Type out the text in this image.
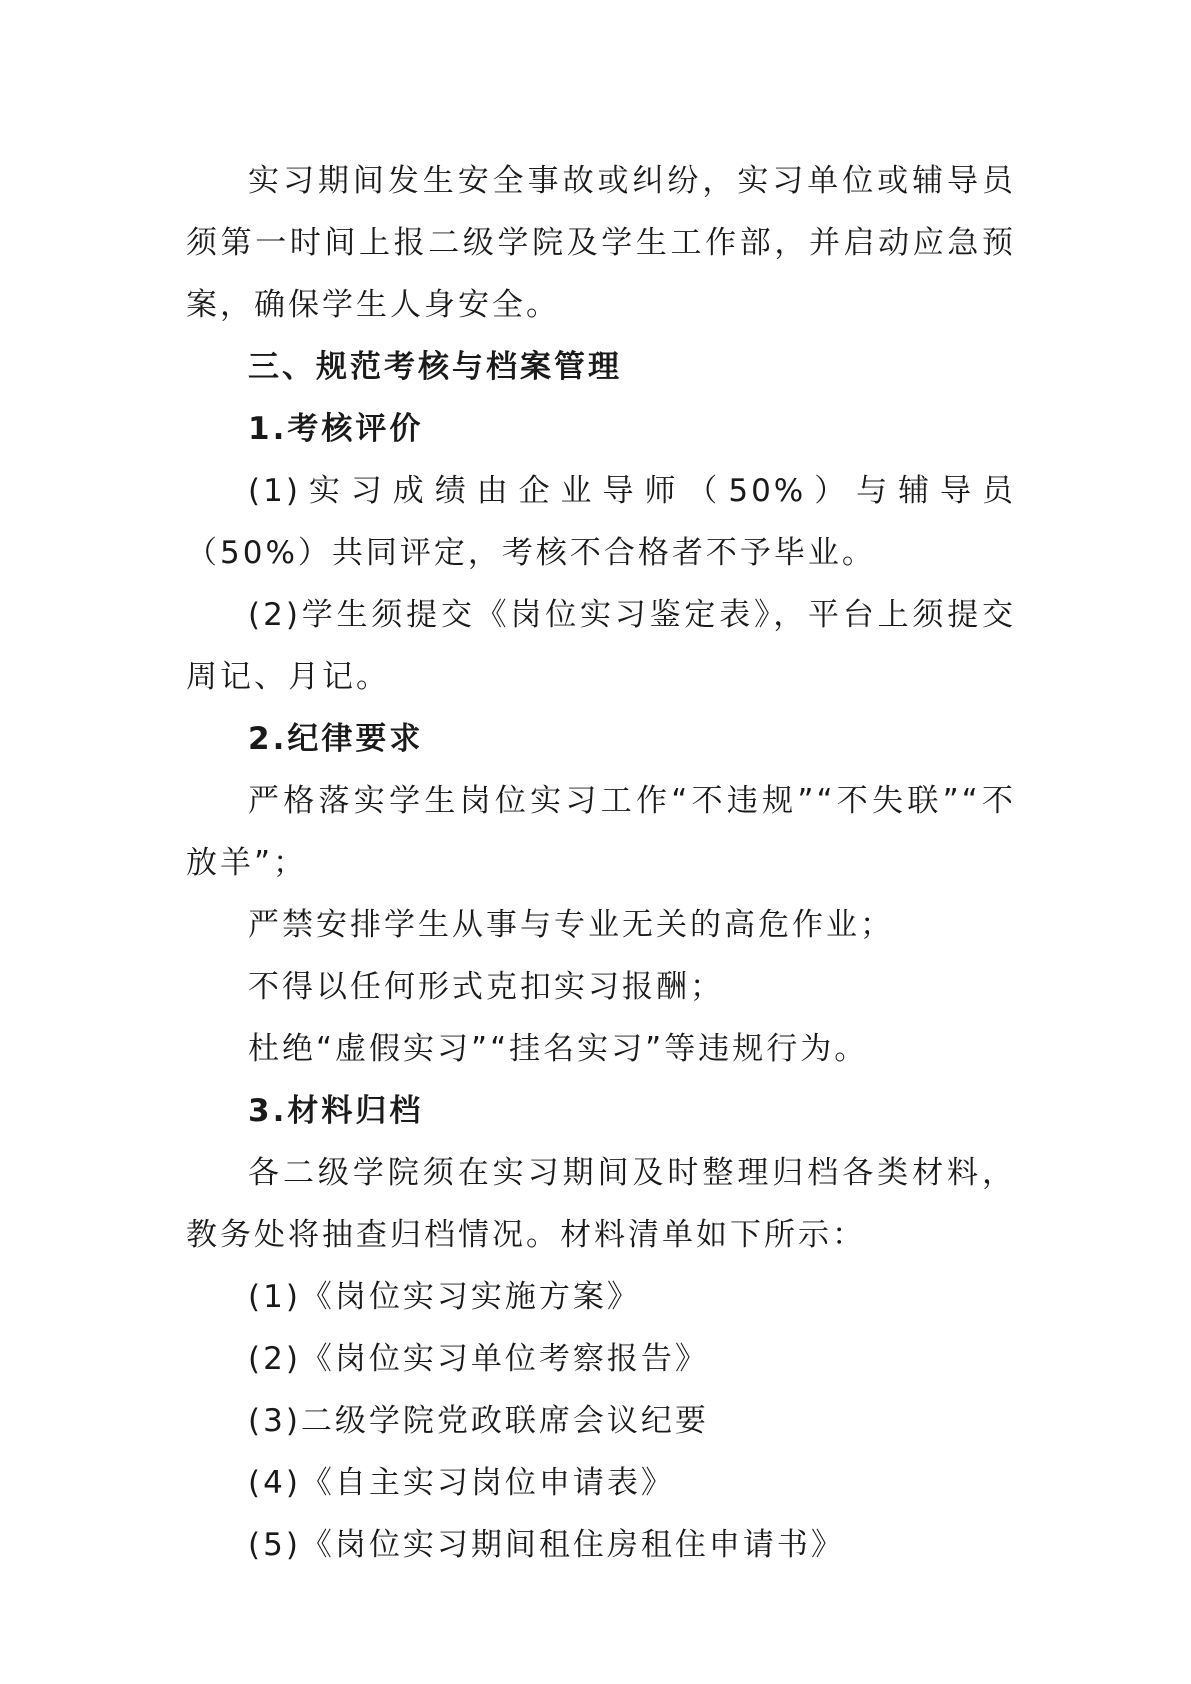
实习期间发生安全事故或纠纷，实习单位或辅导员须第一时间上报二级学院及学生工作部，并启动应急预案，确保学生人身安全。

三、规范考核与档案管理

1.考核评价

(1)实习成绩由企业导师（50%）与辅导员（50%）共同评定，考核不合格者不予毕业。

(2)学生须提交《岗位实习鉴定表》，平台上须提交周记、月记。

2.纪律要求

严格落实学生岗位实习工作“不违规”“不失联”“不放羊”；

严禁安排学生从事与专业无关的高危作业；

不得以任何形式克扣实习报酬；

杜绝“虚假实习”“挂名实习”等违规行为。

3.材料归档

各二级学院须在实习期间及时整理归档各类材料，教务处将抽查归档情况。材料清单如下所示：

(1)《岗位实习实施方案》

(2)《岗位实习单位考察报告》

(3)二级学院党政联席会议纪要

(4)《自主实习岗位申请表》

(5)《岗位实习期间租住房租住申请书》
